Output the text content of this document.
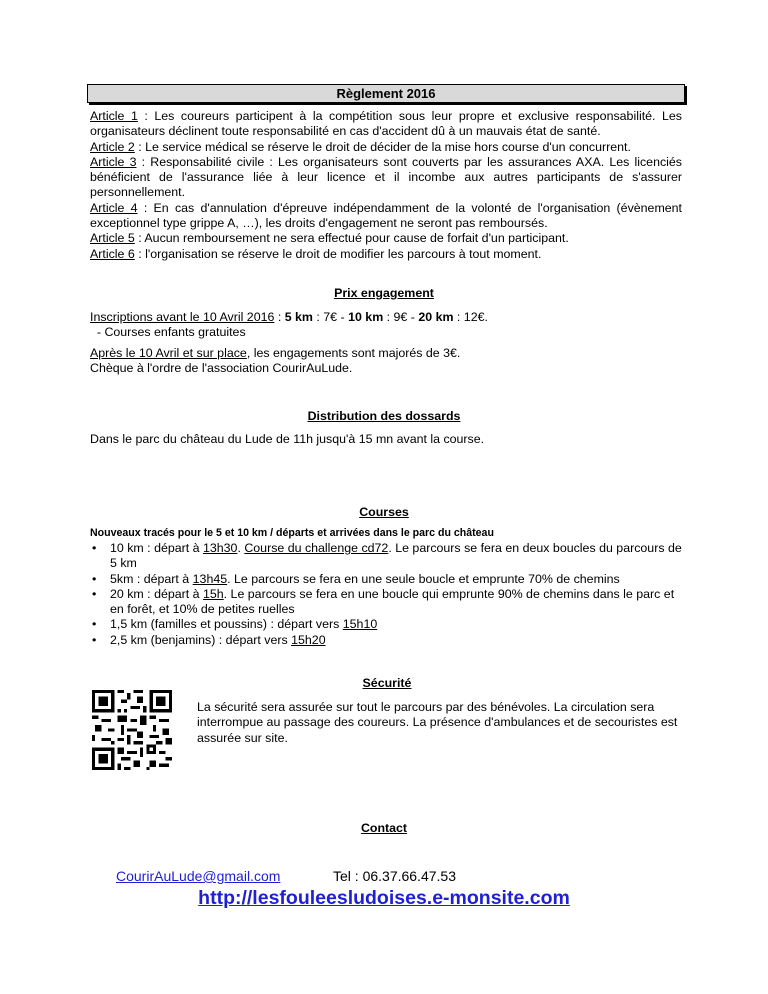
Règlement 2016
Article 1 : Les coureurs participent à la compétition sous leur propre et exclusive responsabilité. Les organisateurs déclinent toute responsabilité en cas d'accident dû à un mauvais état de santé.
Article 2 : Le service médical se réserve le droit de décider de la mise hors course d'un concurrent.
Article 3 : Responsabilité civile : Les organisateurs sont couverts par les assurances AXA. Les licenciés bénéficient de l'assurance liée à leur licence et il incombe aux autres participants de s'assurer personnellement.
Article 4 : En cas d'annulation d'épreuve indépendamment de la volonté de l'organisation (évènement exceptionnel type grippe A, …), les droits d'engagement ne seront pas remboursés.
Article 5 : Aucun remboursement ne sera effectué pour cause de forfait d'un participant.
Article 6 : l'organisation se réserve le droit de modifier les parcours à tout moment.
Prix engagement
Inscriptions avant le 10 Avril 2016 : 5 km : 7€ - 10 km : 9€ - 20 km : 12€.
- Courses enfants gratuites
Après le 10 Avril et sur place, les engagements sont majorés de 3€.
Chèque à l'ordre de l'association CourirAuLude.
Distribution des dossards
Dans le parc du château du Lude de 11h jusqu'à 15 mn avant la course.
Courses
Nouveaux tracés pour le 5 et 10 km / départs et arrivées dans le parc du château
• 10 km : départ à 13h30. Course du challenge cd72. Le parcours se fera en deux boucles du parcours de 5 km
• 5km : départ à 13h45. Le parcours se fera en une seule boucle et emprunte 70% de chemins
• 20 km : départ à 15h. Le parcours se fera en une boucle qui emprunte 90% de chemins dans le parc et en forêt, et 10% de petites ruelles
• 1,5 km (familles et poussins) : départ vers 15h10
• 2,5 km (benjamins) : départ vers 15h20
Sécurité
La sécurité sera assurée sur tout le parcours par des bénévoles. La circulation sera interrompue au passage des coureurs. La présence d'ambulances et de secouristes est assurée sur site.
Contact
CourirAuLude@gmail.com	Tel : 06.37.66.47.53
http://lesfouleesludoises.e-monsite.com
